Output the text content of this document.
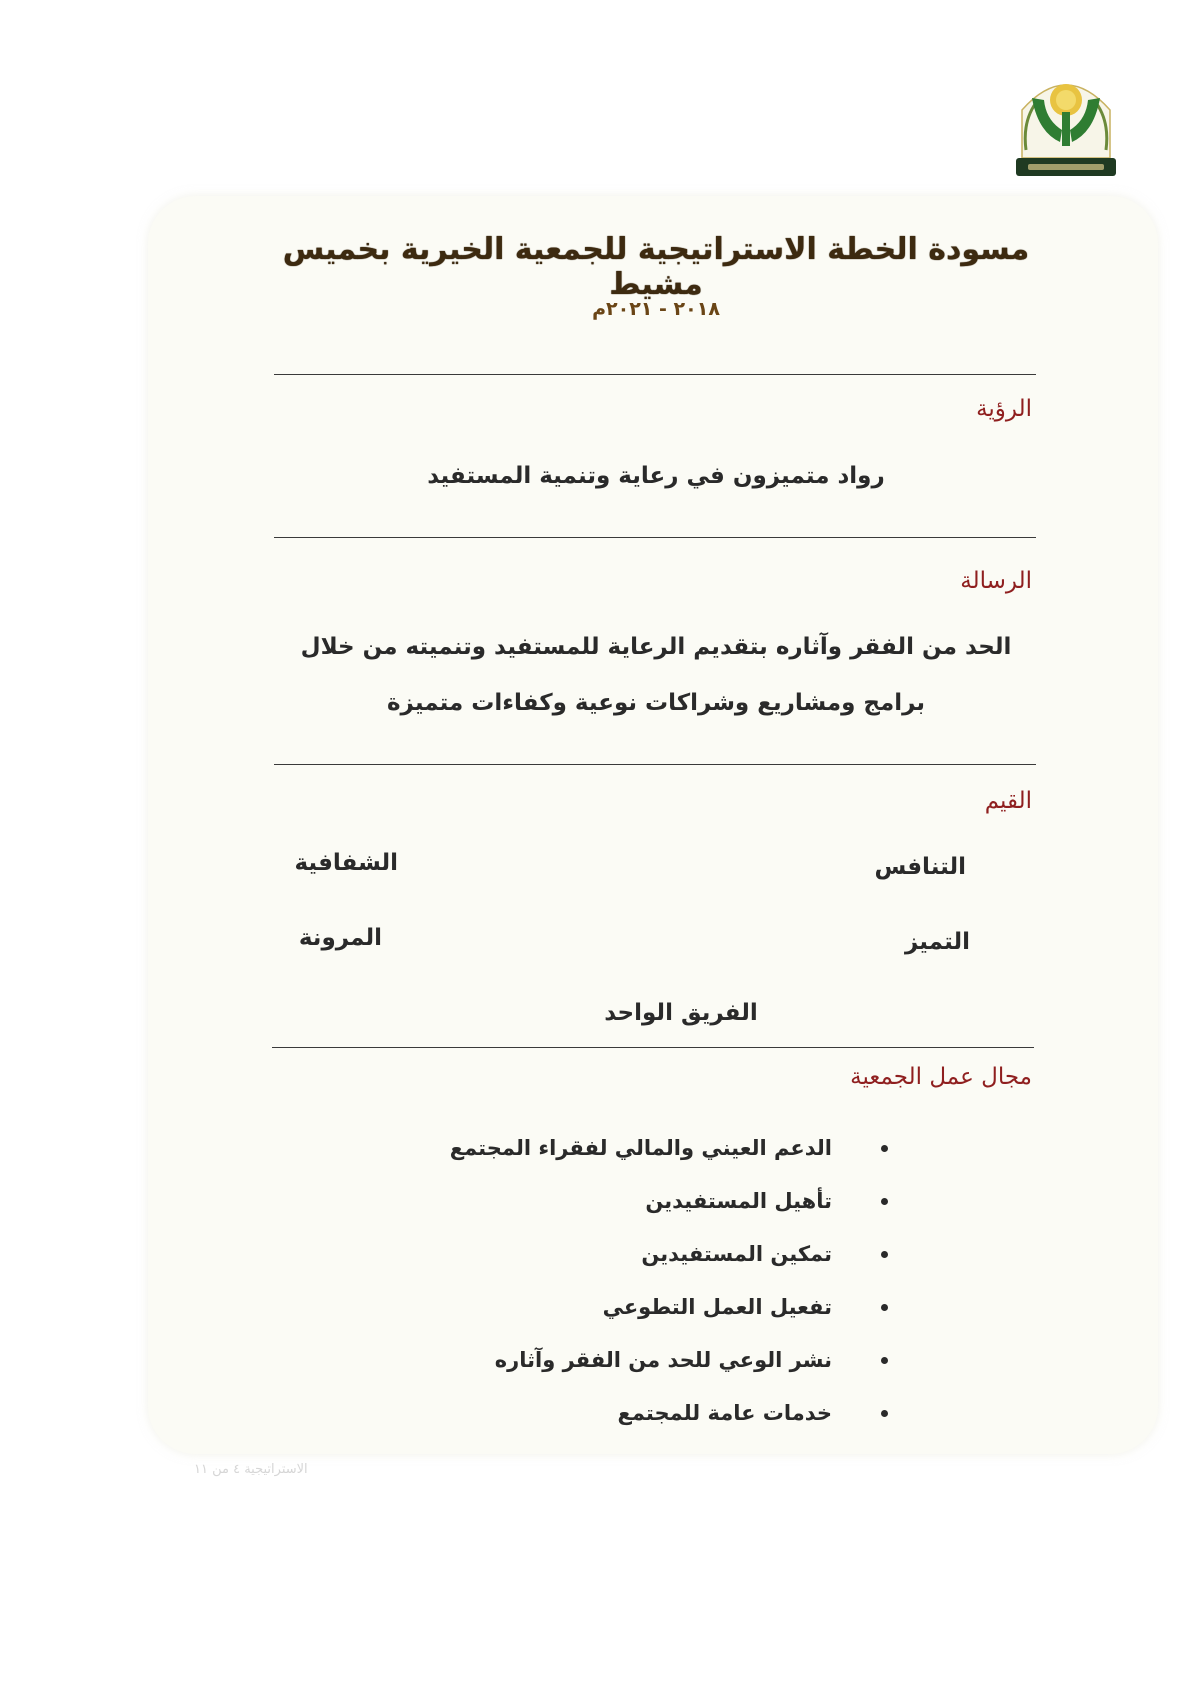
مسودة الخطة الاستراتيجية للجمعية الخيرية بخميس مشيط
٢٠١٨ - ٢٠٢١م
الرؤية
رواد متميزون في رعاية وتنمية المستفيد
الرسالة
الحد من الفقر وآثاره بتقديم الرعاية للمستفيد وتنميته من خلال
برامج ومشاريع وشراكات نوعية وكفاءات متميزة
القيم
التنافس
الشفافية
التميز
المرونة
الفريق الواحد
مجال عمل الجمعية
الدعم العيني والمالي لفقراء المجتمع
تأهيل المستفيدين
تمكين المستفيدين
تفعيل العمل التطوعي
نشر الوعي للحد من الفقر وآثاره
خدمات عامة للمجتمع
الاستراتيجية ٤ من ١١
